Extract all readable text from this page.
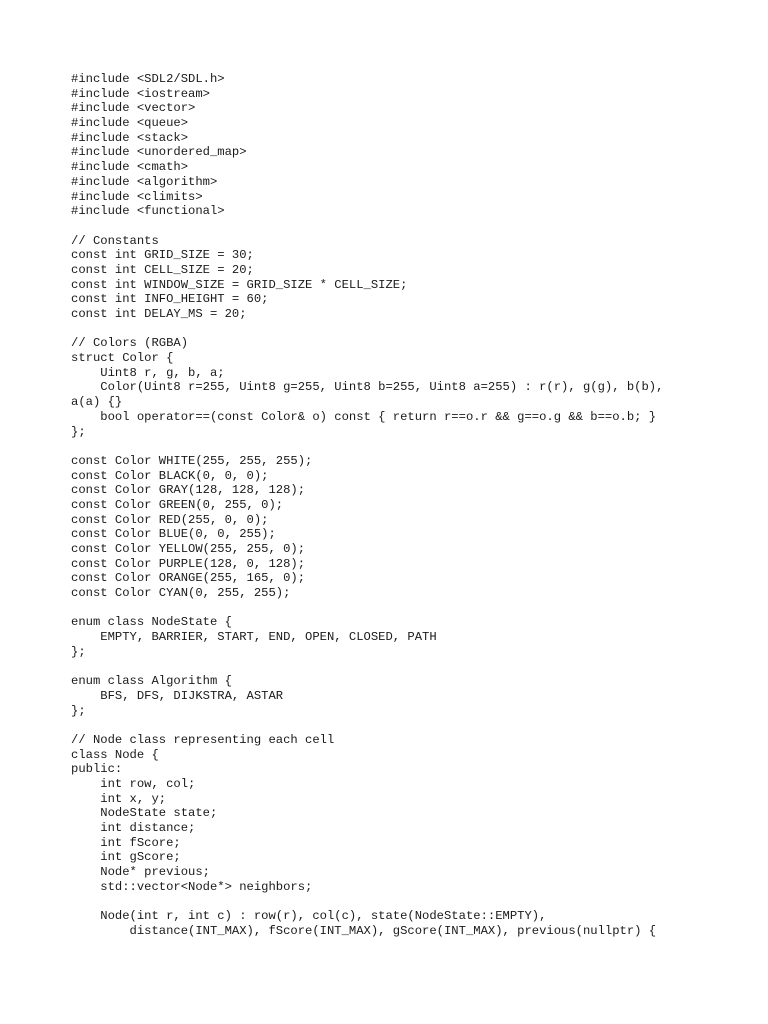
#include <SDL2/SDL.h>
#include <iostream>
#include <vector>
#include <queue>
#include <stack>
#include <unordered_map>
#include <cmath>
#include <algorithm>
#include <climits>
#include <functional>
// Constants
const int GRID_SIZE = 30;
const int CELL_SIZE = 20;
const int WINDOW_SIZE = GRID_SIZE * CELL_SIZE;
const int INFO_HEIGHT = 60;
const int DELAY_MS = 20;
// Colors (RGBA)
struct Color {
Uint8 r, g, b, a;
Color(Uint8 r=255, Uint8 g=255, Uint8 b=255, Uint8 a=255) : r(r), g(g), b(b),
a(a) {}
bool operator==(const Color& o) const { return r==o.r && g==o.g && b==o.b; }
};
const Color WHITE(255, 255, 255);
const Color BLACK(0, 0, 0);
const Color GRAY(128, 128, 128);
const Color GREEN(0, 255, 0);
const Color RED(255, 0, 0);
const Color BLUE(0, 0, 255);
const Color YELLOW(255, 255, 0);
const Color PURPLE(128, 0, 128);
const Color ORANGE(255, 165, 0);
const Color CYAN(0, 255, 255);
enum class NodeState {
EMPTY, BARRIER, START, END, OPEN, CLOSED, PATH
};
enum class Algorithm {
BFS, DFS, DIJKSTRA, ASTAR
};
// Node class representing each cell
class Node {
public:
int row, col;
int x, y;
NodeState state;
int distance;
int fScore;
int gScore;
Node* previous;
std::vector<Node*> neighbors;
Node(int r, int c) : row(r), col(c), state(NodeState::EMPTY),
distance(INT_MAX), fScore(INT_MAX), gScore(INT_MAX), previous(nullptr) {
